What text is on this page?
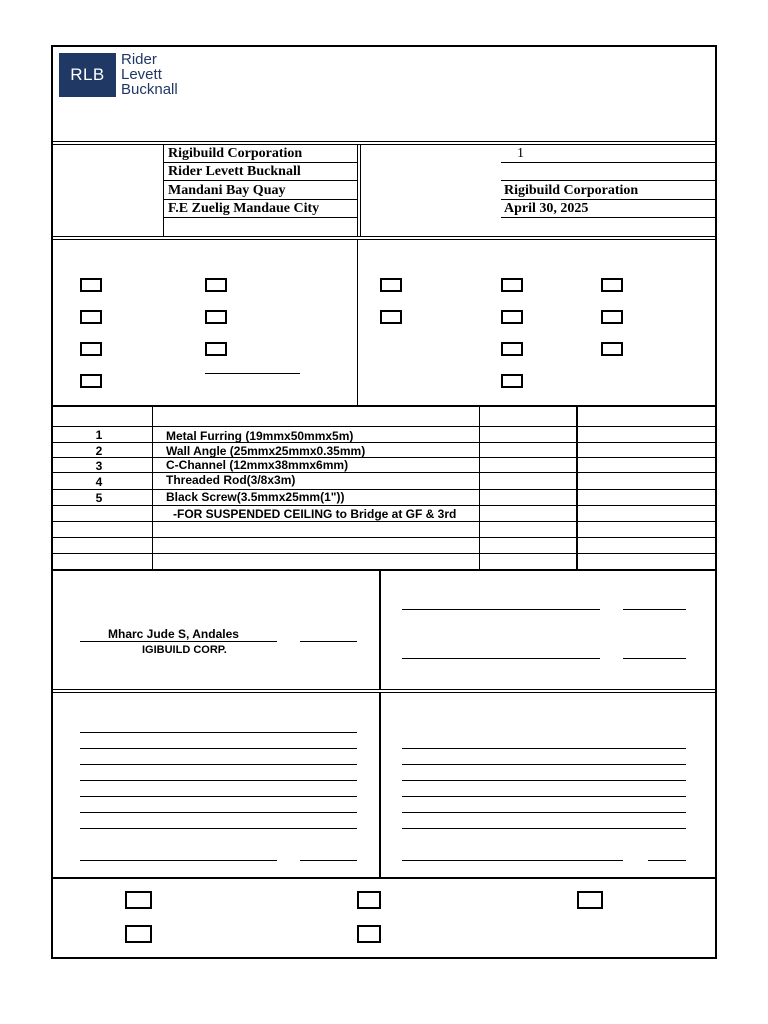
RLB
Rider
Levett
Bucknall
Rigibuild Corporation
Rider Levett Bucknall
Mandani Bay Quay
F.E Zuelig Mandaue City
1
Rigibuild Corporation
April 30, 2025
1	Metal Furring (19mmx50mmx5m)
2	Wall Angle (25mmx25mmx0.35mm)
3	C-Channel (12mmx38mmx6mm)
4	Threaded Rod(3/8x3m)
5	Black Screw(3.5mmx25mm(1"))
-FOR SUSPENDED CEILING to Bridge at GF & 3rd
Mharc Jude S, Andales
IGIBUILD CORP.
